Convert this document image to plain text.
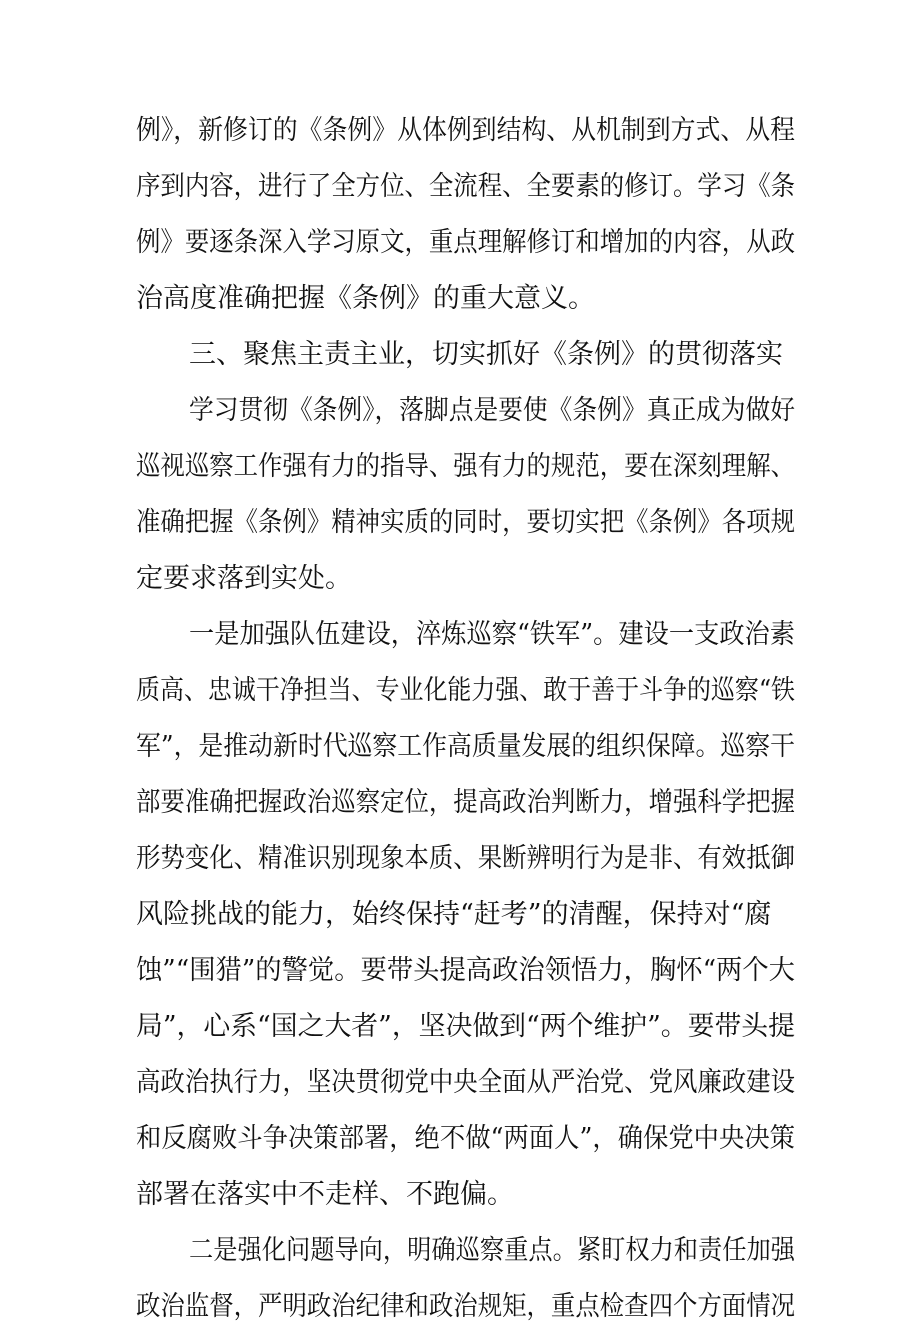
例》，新修订的《条例》从体例到结构、从机制到方式、从程
序到内容，进行了全方位、全流程、全要素的修订。学习《条
例》要逐条深入学习原文，重点理解修订和增加的内容，从政
治高度准确把握《条例》的重大意义。
三、聚焦主责主业，切实抓好《条例》的贯彻落实
学习贯彻《条例》，落脚点是要使《条例》真正成为做好
巡视巡察工作强有力的指导、强有力的规范，要在深刻理解、
准确把握《条例》精神实质的同时，要切实把《条例》各项规
定要求落到实处。
一是加强队伍建设，淬炼巡察“铁军”。建设一支政治素
质高、忠诚干净担当、专业化能力强、敢于善于斗争的巡察“铁
军”，是推动新时代巡察工作高质量发展的组织保障。巡察干
部要准确把握政治巡察定位，提高政治判断力，增强科学把握
形势变化、精准识别现象本质、果断辨明行为是非、有效抵御
风险挑战的能力，始终保持“赶考”的清醒，保持对“腐
蚀”“围猎”的警觉。要带头提高政治领悟力，胸怀“两个大
局”，心系“国之大者”，坚决做到“两个维护”。要带头提
高政治执行力，坚决贯彻党中央全面从严治党、党风廉政建设
和反腐败斗争决策部署，绝不做“两面人”，确保党中央决策
部署在落实中不走样、不跑偏。
二是强化问题导向，明确巡察重点。紧盯权力和责任加强
政治监督，严明政治纪律和政治规矩，重点检查四个方面情况
